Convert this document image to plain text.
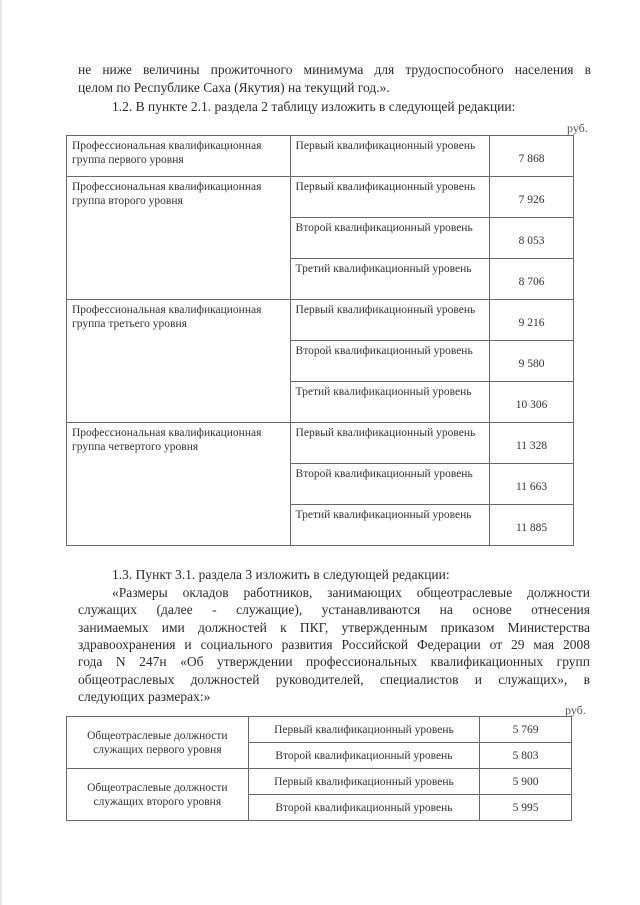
не ниже величины прожиточного минимума для трудоспособного населения в
целом по Республике Саха (Якутия) на текущий год.».
1.2. В пункте 2.1. раздела 2 таблицу изложить в следующей редакции:
руб.
Профессиональная квалификационная группа первого уровня	Первый квалификационный уровень	7 868
Профессиональная квалификационная группа второго уровня	Первый квалификационный уровень	7 926
	Второй квалификационный уровень	8 053
	Третий квалификационный уровень	8 706
Профессиональная квалификационная группа третьего уровня	Первый квалификационный уровень	9 216
	Второй квалификационный уровень	9 580
	Третий квалификационный уровень	10 306
Профессиональная квалификационная группа четвертого уровня	Первый квалификационный уровень	11 328
	Второй квалификационный уровень	11 663
	Третий квалификационный уровень	11 885
1.3. Пункт 3.1. раздела 3 изложить в следующей редакции:
«Размеры окладов работников, занимающих общеотраслевые должности
служащих (далее - служащие), устанавливаются на основе отнесения
занимаемых ими должностей к ПКГ, утвержденным приказом Министерства
здравоохранения и социального развития Российской Федерации от 29 мая 2008
года N 247н «Об утверждении профессиональных квалификационных групп
общеотраслевых должностей руководителей, специалистов и служащих», в
следующих размерах:»
руб.
Общеотраслевые должности служащих первого уровня	Первый квалификационный уровень	5 769
	Второй квалификационный уровень	5 803
Общеотраслевые должности служащих второго уровня	Первый квалификационный уровень	5 900
	Второй квалификационный уровень	5 995
